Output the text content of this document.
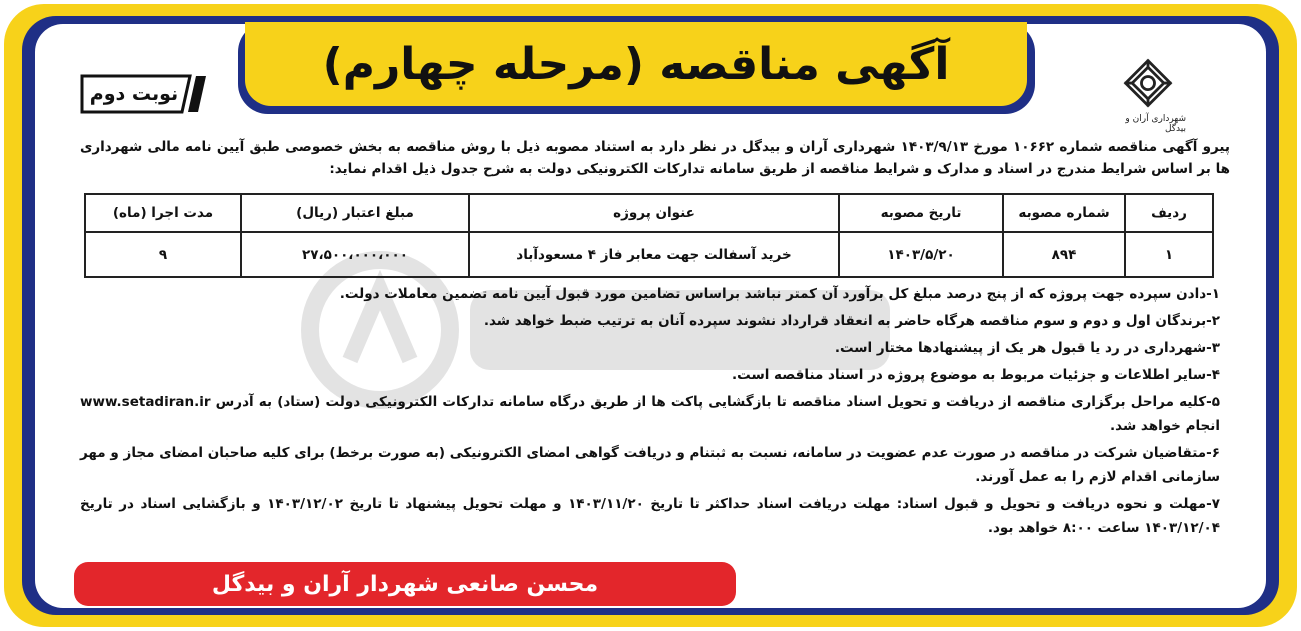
آگهی مناقصه (مرحله چهارم)
شهرداری آران و بیدگل
نوبت دوم
پیرو آگهی مناقصه شماره ۱۰۶۶۲ مورخ ۱۴۰۳/۹/۱۳ شهرداری آران و بیدگل در نظر دارد به استناد مصوبه ذیل با روش مناقصه به بخش خصوصی طبق آیین نامه مالی شهرداری ها بر اساس شرایط مندرج در اسناد و مدارک و شرایط مناقصه از طریق سامانه تدارکات الکترونیکی دولت به شرح جدول ذیل اقدام نماید:
ردیف	شماره مصوبه	تاریخ مصوبه	عنوان پروژه	مبلغ اعتبار (ریال)	مدت اجرا (ماه)
۱	۸۹۴	۱۴۰۳/۵/۲۰	خرید آسفالت جهت معابر فاز ۴ مسعودآباد	۲۷،۵۰۰،۰۰۰،۰۰۰	۹

۱-دادن سپرده جهت پروژه که از پنج درصد مبلغ کل برآورد آن کمتر نباشد براساس تضامین مورد قبول آیین نامه تضمین معاملات دولت.

۲-برندگان اول و دوم و سوم مناقصه هرگاه حاضر به انعقاد قرارداد نشوند سپرده آنان به ترتیب ضبط خواهد شد.

۳-شهرداری در رد یا قبول هر یک از پیشنهادها مختار است.

۴-سایر اطلاعات و جزئیات مربوط به موضوع پروژه در اسناد مناقصه است.

۵-کلیه مراحل برگزاری مناقصه از دریافت و تحویل اسناد مناقصه تا بازگشایی پاکت ها از طریق درگاه سامانه تدارکات الکترونیکی دولت (ستاد) به آدرس www.setadiran.ir انجام خواهد شد.

۶-متقاضیان شرکت در مناقصه در صورت عدم عضویت در سامانه، نسبت به ثبتنام و دریافت گواهی امضای الکترونیکی (به صورت برخط) برای کلیه صاحبان امضای مجاز و مهر سازمانی اقدام لازم را به عمل آورند.

۷-مهلت و نحوه دریافت و تحویل و قبول اسناد: مهلت دریافت اسناد حداکثر تا تاریخ ۱۴۰۳/۱۱/۲۰ و مهلت تحویل پیشنهاد تا تاریخ ۱۴۰۳/۱۲/۰۲ و بازگشایی اسناد در تاریخ ۱۴۰۳/۱۲/۰۴ ساعت ۸:۰۰ خواهد بود.

محسن صانعی شهردار آران و بیدگل
